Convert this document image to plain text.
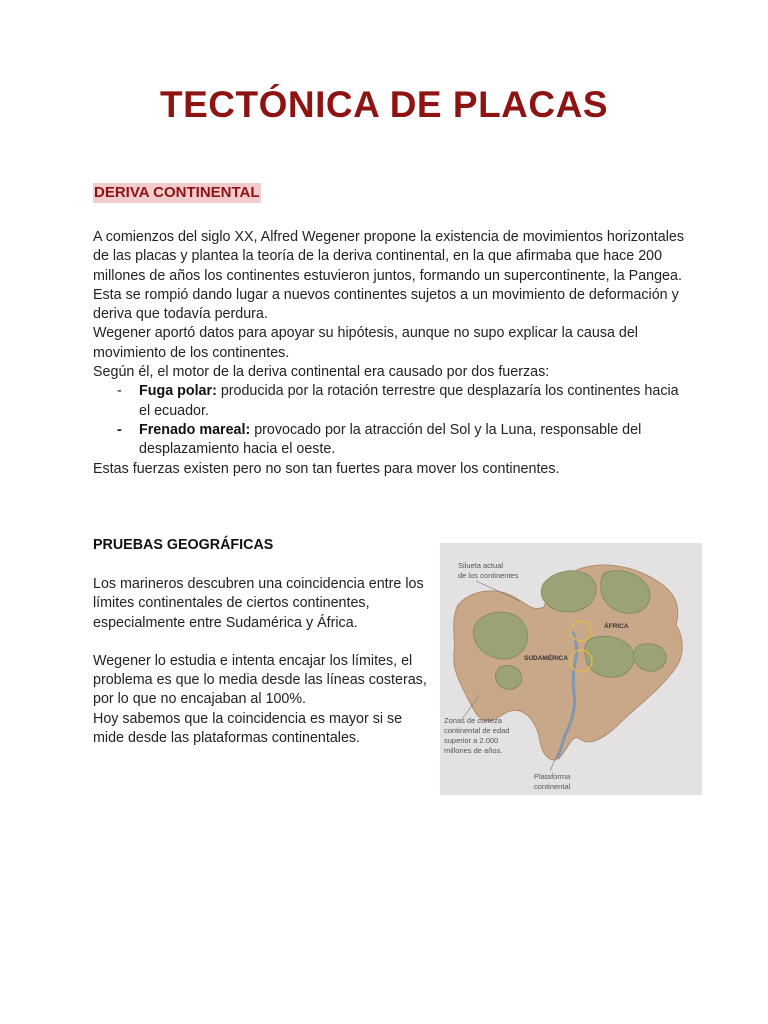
TECTÓNICA DE PLACAS
DERIVA CONTINENTAL

A comienzos del siglo XX, Alfred Wegener propone la existencia de movimientos horizontales de las placas y plantea la teoría de la deriva continental, en la que afirmaba que hace 200 millones de años los continentes estuvieron juntos, formando un supercontinente, la Pangea. Esta se rompió dando lugar a nuevos continentes sujetos a un movimiento de deformación y deriva que todavía perdura.

Wegener aportó datos para apoyar su hipótesis, aunque no supo explicar la causa del movimiento de los continentes.

Según él, el motor de la deriva continental era causado por dos fuerzas:

- Fuga polar: producida por la rotación terrestre que desplazaría los continentes hacia el ecuador.
- Frenado mareal: provocado por la atracción del Sol y la Luna, responsable del desplazamiento hacia el oeste.

Estas fuerzas existen pero no son tan fuertes para mover los continentes.

PRUEBAS GEOGRÁFICAS

Los marineros descubren una coincidencia entre los límites continentales de ciertos continentes, especialmente entre Sudamérica y África.

Wegener lo estudia e intenta encajar los límites, el problema es que lo media desde las líneas costeras, por lo que no encajaban al 100%.

Hoy sabemos que la coincidencia es mayor si se mide desde las plataformas continentales.

Silueta actual
de los continentes
ÁFRICA
SUDAMÉRICA
Zonas de corteza
continental de edad
superior a 2.000
millones de años.
Plataforma
continental
